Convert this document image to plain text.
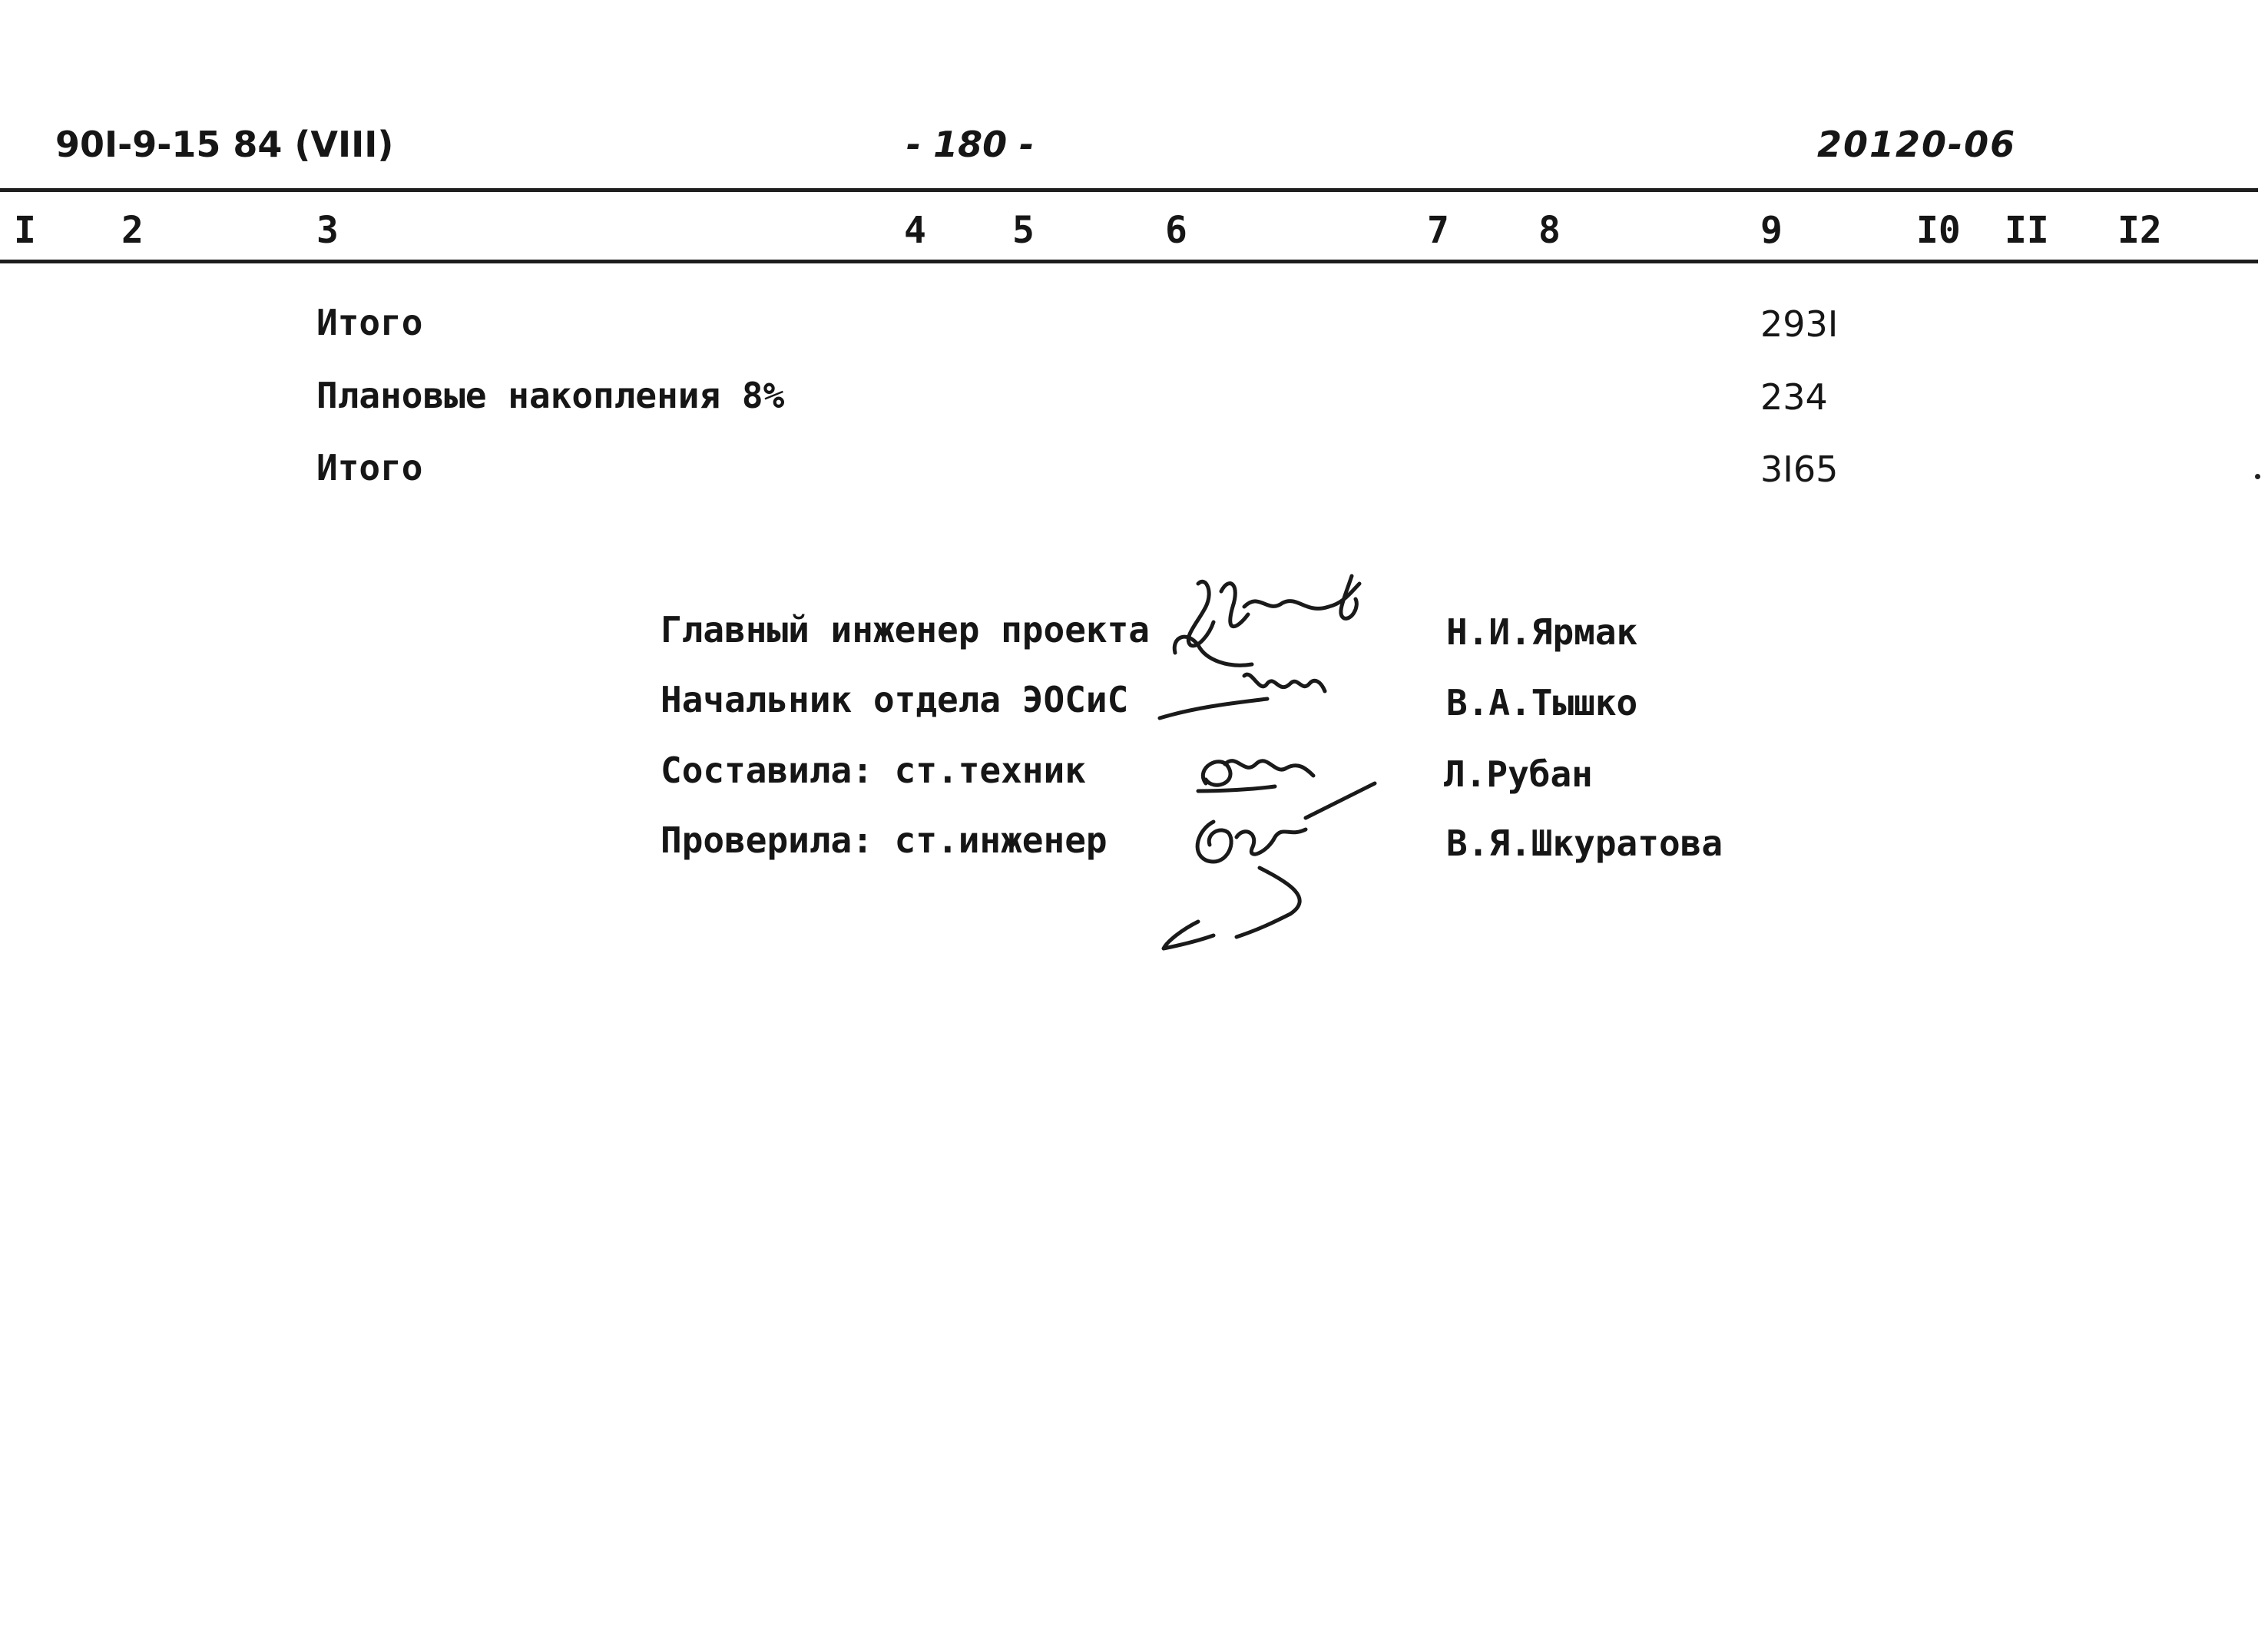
90I-9-15 84 (VIII)	- 180 -	20120-06
I 2	3	4 5	6	7 8	9	I0 II I2
Итого	293I
Плановые накопления 8%	234
Итого	3I65
Главный инженер проекта	Н.И.Ярмак
Начальник отдела ЭОСиС	В.А.Тышко
Составила: ст.техник	Л.Рубан
Проверила: ст.инженер	В.Я.Шкуратова
